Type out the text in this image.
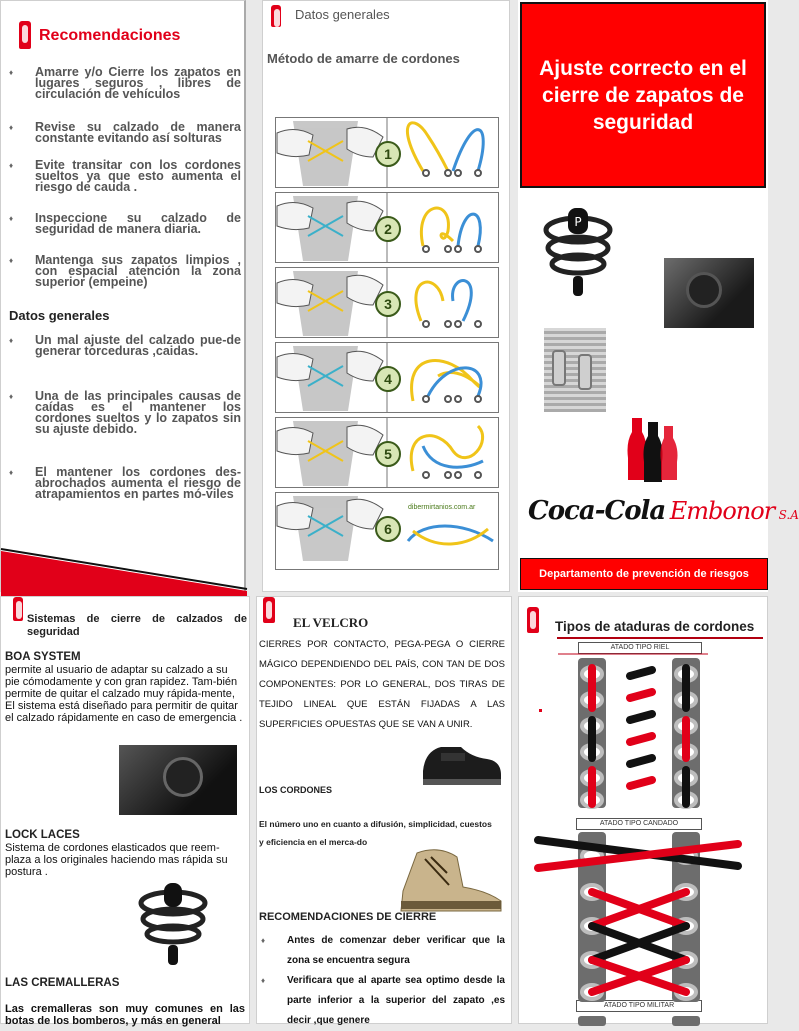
Recomendaciones
♦ Amarre y/o Cierre los zapatos en lugares seguros , libres de circulación de vehículos
♦ Revise su calzado de manera constante evitando así solturas
♦ Evite transitar con los cordones sueltos ya que esto aumenta el riesgo de cauda .
♦ Inspeccione su calzado de seguridad de manera diaria.
♦ Mantenga sus zapatos limpios , con espacial atención la zona superior (empeine)
Datos generales
♦ Un mal ajuste del calzado pue-de generar torceduras ,caidas.
♦ Una de las principales causas de caídas es el mantener los cordones sueltos y lo zapatos sin su ajuste debido.
♦ El mantener los cordones des-abrochados aumenta el riesgo de atrapamientos en partes mó-viles
Datos generales
Método de amarre de cordones
1
2
3
4
5
6
dibermirtanios.com.ar
Ajuste correcto en el cierre de zapatos de seguridad
P
Coca-Cola Embonor S.A
Departamento de prevención de riesgos
Sistemas de cierre de calzados de seguridad
BOA SYSTEM
permite al usuario de adaptar su calzado a su pie cómodamente y con gran rapidez. Tam-bién permite de quitar el calzado muy rápida-mente, El sistema está diseñado para permitir de quitar el calzado rápidamente en caso de emergencia .
LOCK LACES
Sistema de cordones elasticados que reem-plaza a los originales haciendo mas rápida su postura .
LAS CREMALLERAS
Las cremalleras son muy comunes en las botas de los bomberos, y más en general
EL VELCRO
CIERRES POR CONTACTO, PEGA-PEGA O CIERRE MÁGICO DEPENDIENDO DEL PAÍS, CON TAN DE DOS COMPONENTES: POR LO GENERAL, DOS TIRAS DE TEJIDO LINEAL QUE ESTÁN FIJADAS A LAS SUPERFICIES OPUESTAS QUE SE VAN A UNIR.
LOS CORDONES
El número uno en cuanto a difusión, simplicidad, cuestos y eficiencia en el merca-do
RECOMENDACIONES DE CIERRE
♦ Antes de comenzar deber verificar que la zona se encuentra segura
♦ Verificara que al aparte sea optimo desde la parte inferior a la superior del zapato ,es decir ,que genere
Tipos de ataduras de cordones
ATADO TIPO RIEL
ATADO TIPO CANDADO
ATADO TIPO MILITAR
